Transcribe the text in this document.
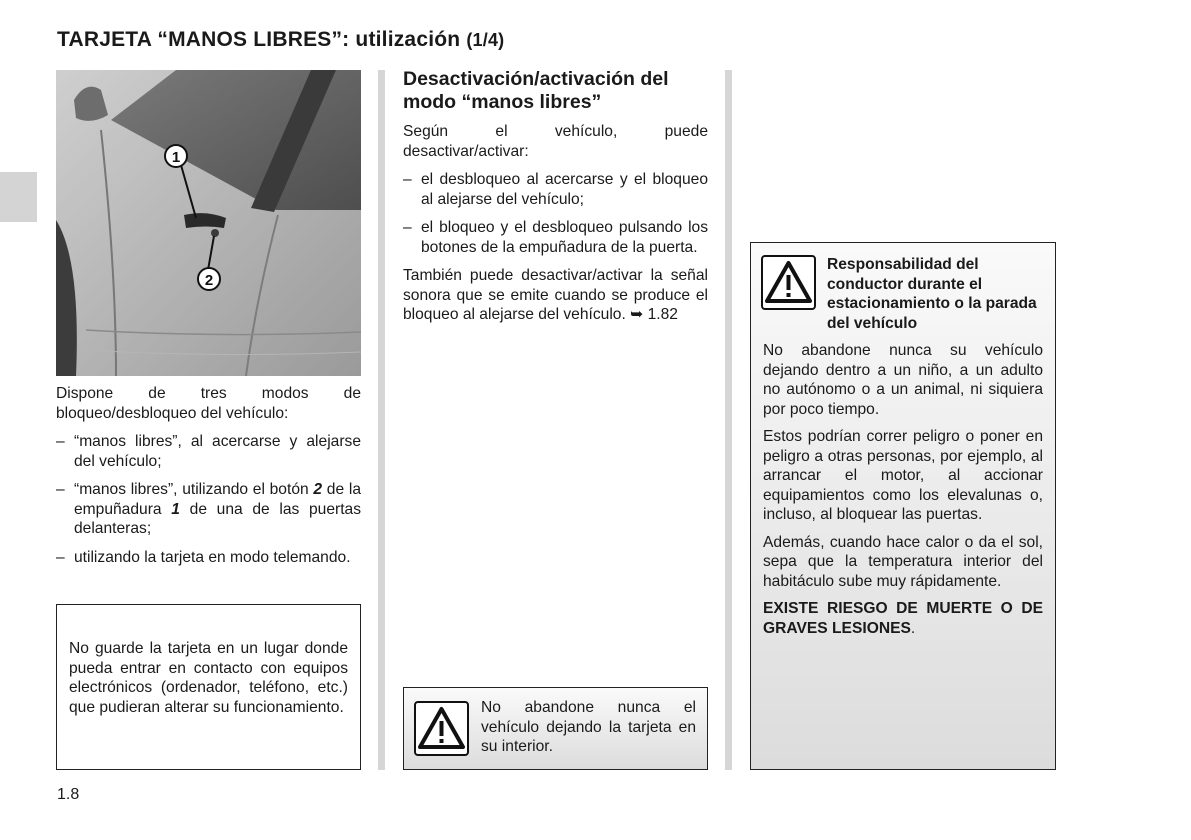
TARJETA “MANOS LIBRES”: utilización (1/4)
1
2

Dispone de tres modos de bloqueo/desbloqueo del vehículo:

– “manos libres”, al acercarse y alejarse del vehículo;

– “manos libres”, utilizando el botón 2 de la empuñadura 1 de una de las puertas delanteras;

– utilizando la tarjeta en modo telemando.

No guarde la tarjeta en un lugar donde pueda entrar en contacto con equipos electrónicos (ordenador, teléfono, etc.) que pudieran alterar su funcionamiento.

Desactivación/activación del modo “manos libres”

Según el vehículo, puede desactivar/activar:

– el desbloqueo al acercarse y el bloqueo al alejarse del vehículo;

– el bloqueo y el desbloqueo pulsando los botones de la empuñadura de la puerta.

También puede desactivar/activar la señal sonora que se emite cuando se produce el bloqueo al alejarse del vehículo. ➥ 1.82

No abandone nunca el vehículo dejando la tarjeta en su interior.

Responsabilidad del conductor durante el estacionamiento o la parada del vehículo

No abandone nunca su vehículo dejando dentro a un niño, a un adulto no autónomo o a un animal, ni siquiera por poco tiempo.

Estos podrían correr peligro o poner en peligro a otras personas, por ejemplo, al arrancar el motor, al accionar equipamientos como los elevalunas o, incluso, al bloquear las puertas.

Además, cuando hace calor o da el sol, sepa que la temperatura interior del habitáculo sube muy rápidamente.

EXISTE RIESGO DE MUERTE O DE GRAVES LESIONES.

1.8
